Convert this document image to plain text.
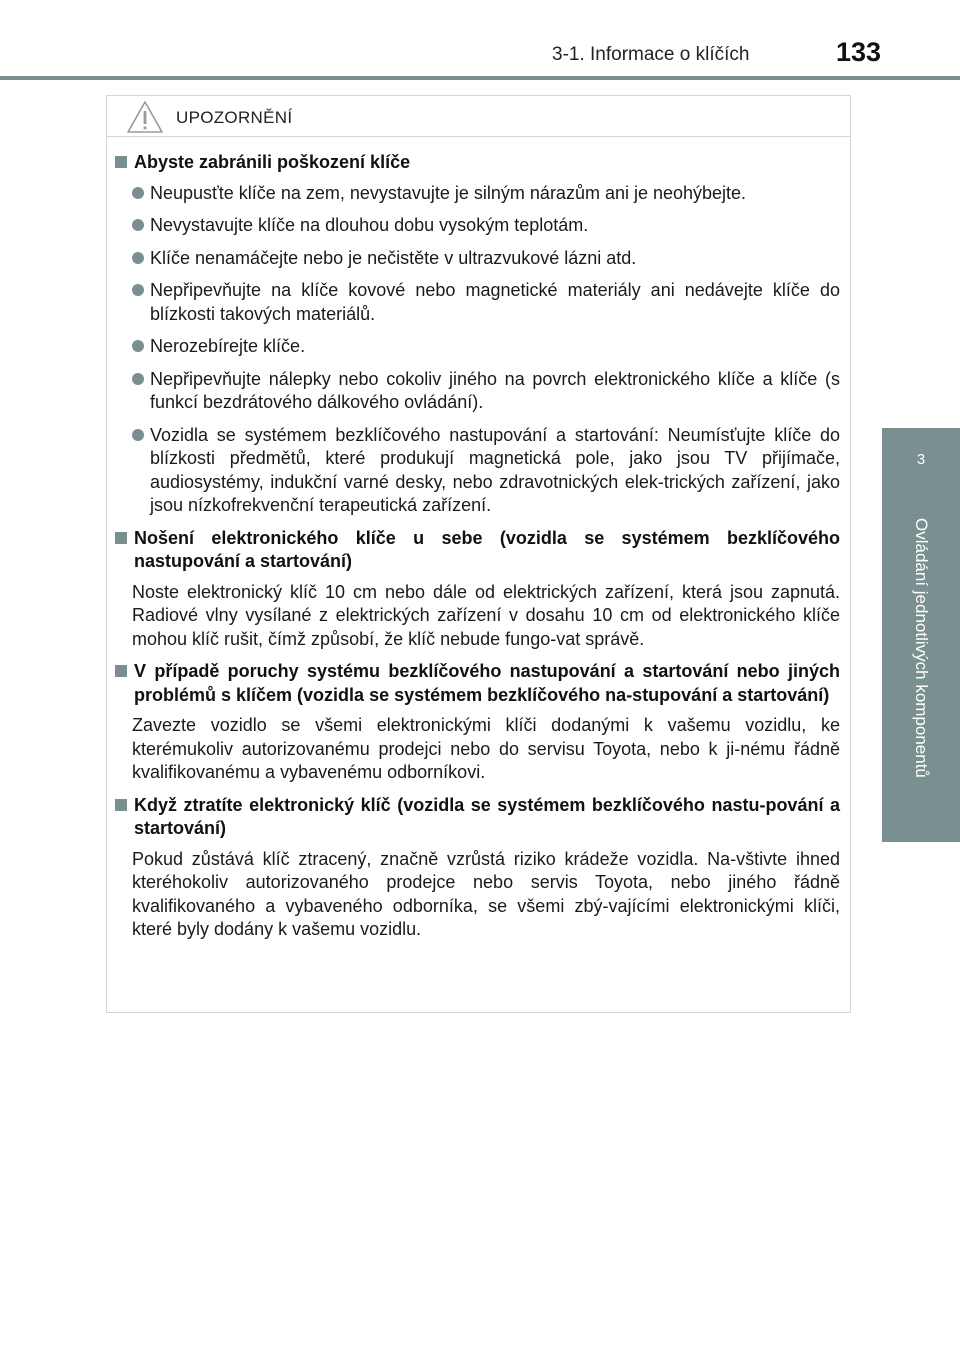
3-1. Informace o klíčích	133
3
Ovládání jednotlivých komponentů
UPOZORNĚNÍ
Abyste zabránili poškození klíče
Neupusťte klíče na zem, nevystavujte je silným nárazům ani je neohýbejte.
Nevystavujte klíče na dlouhou dobu vysokým teplotám.
Klíče nenamáčejte nebo je nečistěte v ultrazvukové lázni atd.
Nepřipevňujte na klíče kovové nebo magnetické materiály ani nedávejte klíče do blízkosti takových materiálů.
Nerozebírejte klíče.
Nepřipevňujte nálepky nebo cokoliv jiného na povrch elektronického klíče a klíče (s funkcí bezdrátového dálkového ovládání).
Vozidla se systémem bezklíčového nastupování a startování: Neumísťujte klíče do blízkosti předmětů, které produkují magnetická pole, jako jsou TV přijímače, audiosystémy, indukční varné desky, nebo zdravotnických elek-trických zařízení, jako jsou nízkofrekvenční terapeutická zařízení.
Nošení elektronického klíče u sebe (vozidla se systémem bezklíčového nastupování a startování)
Noste elektronický klíč 10 cm nebo dále od elektrických zařízení, která jsou zapnutá. Radiové vlny vysílané z elektrických zařízení v dosahu 10 cm od elektronického klíče mohou klíč rušit, čímž způsobí, že klíč nebude fungo-vat správě.
V případě poruchy systému bezklíčového nastupování a startování nebo jiných problémů s klíčem (vozidla se systémem bezklíčového na-stupování a startování)
Zavezte vozidlo se všemi elektronickými klíči dodanými k vašemu vozidlu, ke kterémukoliv autorizovanému prodejci nebo do servisu Toyota, nebo k ji-nému řádně kvalifikovanému a vybavenému odborníkovi.
Když ztratíte elektronický klíč (vozidla se systémem bezklíčového nastu-pování a startování)
Pokud zůstává klíč ztracený, značně vzrůstá riziko krádeže vozidla. Na-vštivte ihned kteréhokoliv autorizovaného prodejce nebo servis Toyota, nebo jiného řádně kvalifikovaného a vybaveného odborníka, se všemi zbý-vajícími elektronickými klíči, které byly dodány k vašemu vozidlu.
